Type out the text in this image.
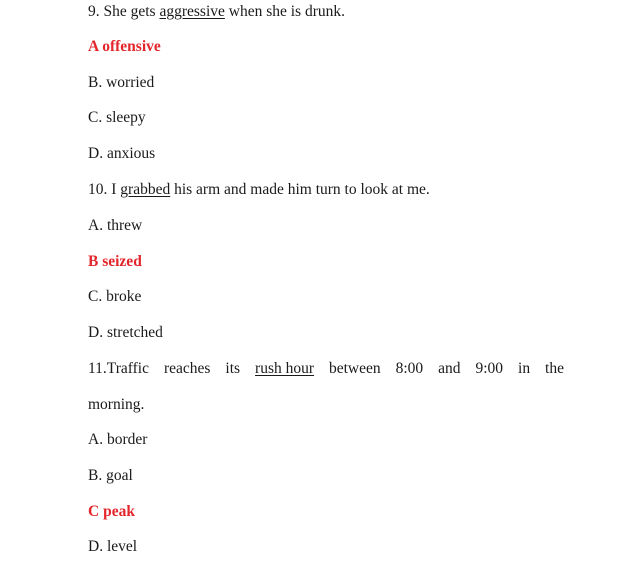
9. She gets aggressive when she is drunk.
A offensive
B. worried
C. sleepy
D. anxious
10. I grabbed his arm and made him turn to look at me.
A. threw
B seized
C. broke
D. stretched
11.Traffic reaches its rush hour between 8:00 and 9:00 in the
morning.
A. border
B. goal
C peak
D. level
